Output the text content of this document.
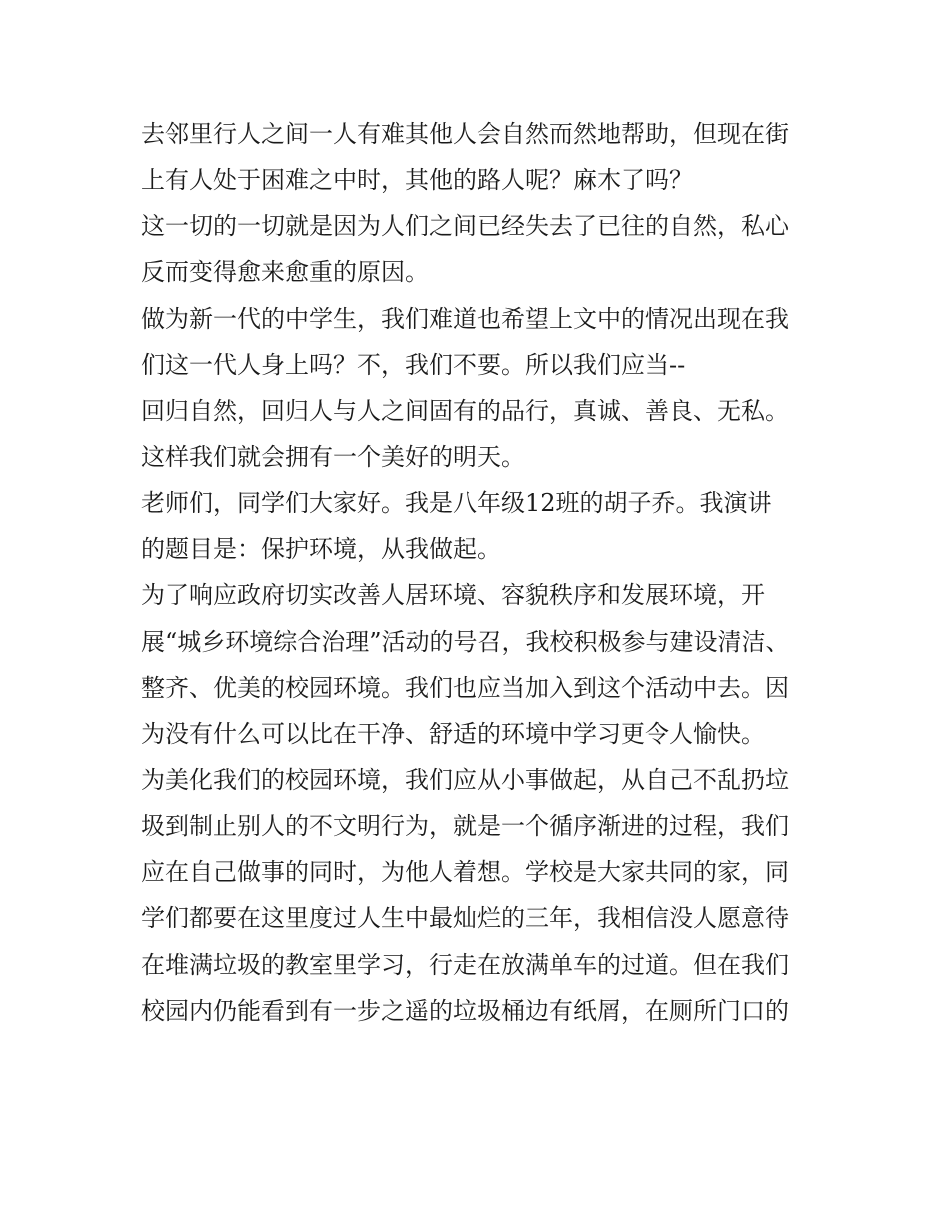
去邻里行人之间一人有难其他人会自然而然地帮助，但现在街
上有人处于困难之中时，其他的路人呢？麻木了吗？
这一切的一切就是因为人们之间已经失去了已往的自然，私心
反而变得愈来愈重的原因。
做为新一代的中学生，我们难道也希望上文中的情况出现在我
们这一代人身上吗？不，我们不要。所以我们应当--
回归自然，回归人与人之间固有的品行，真诚、善良、无私。
这样我们就会拥有一个美好的明天。
老师们，同学们大家好。我是八年级12班的胡子乔。我演讲
的题目是：保护环境，从我做起。
为了响应政府切实改善人居环境、容貌秩序和发展环境，开
展“城乡环境综合治理”活动的号召，我校积极参与建设清洁、
整齐、优美的校园环境。我们也应当加入到这个活动中去。因
为没有什么可以比在干净、舒适的环境中学习更令人愉快。
为美化我们的校园环境，我们应从小事做起，从自己不乱扔垃
圾到制止别人的不文明行为，就是一个循序渐进的过程，我们
应在自己做事的同时，为他人着想。学校是大家共同的家，同
学们都要在这里度过人生中最灿烂的三年，我相信没人愿意待
在堆满垃圾的教室里学习，行走在放满单车的过道。但在我们
校园内仍能看到有一步之遥的垃圾桶边有纸屑，在厕所门口的
